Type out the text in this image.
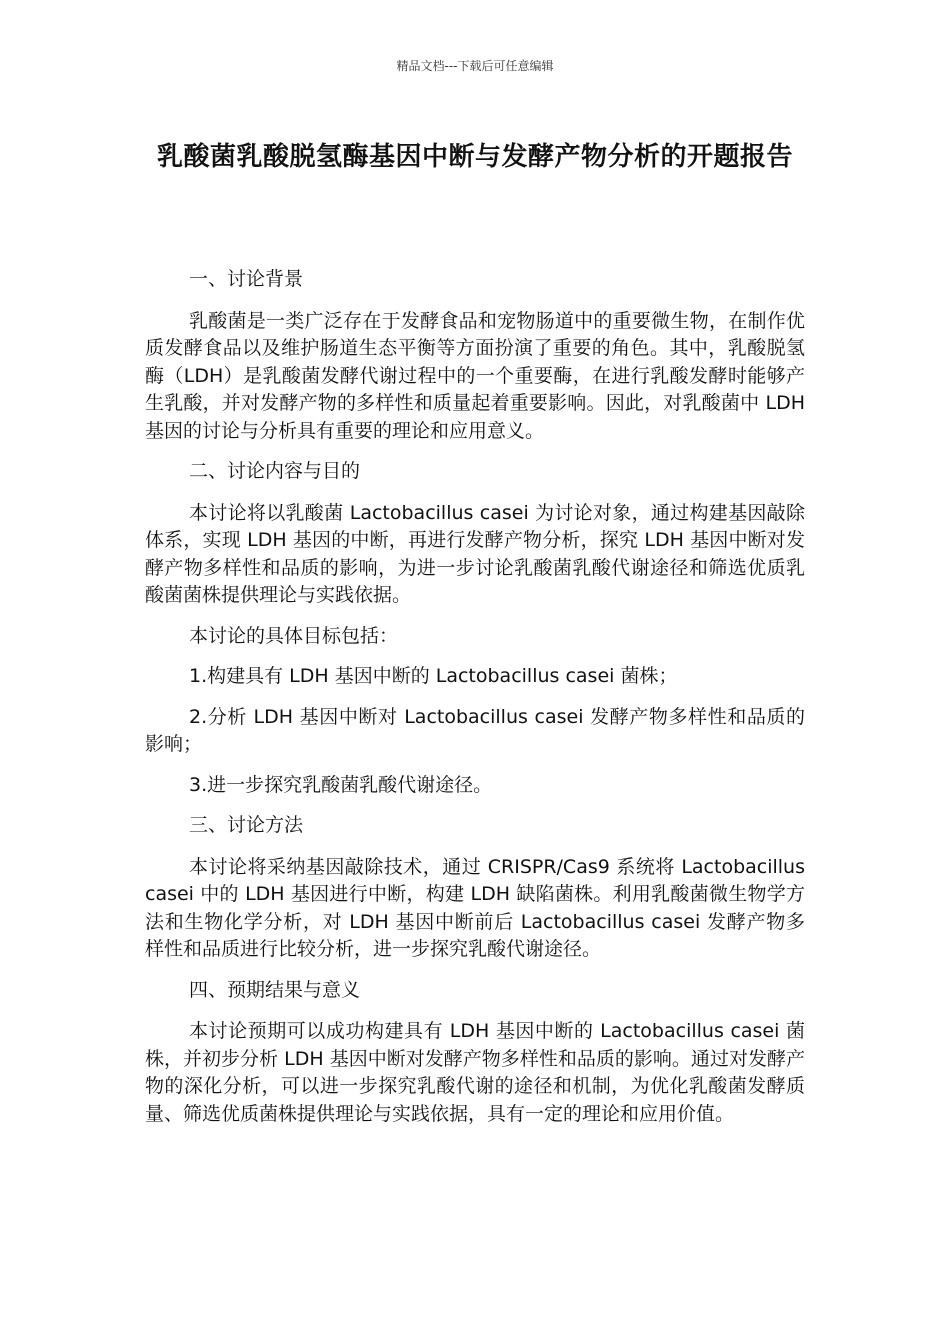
精品文档---下载后可任意编辑
乳酸菌乳酸脱氢酶基因中断与发酵产物分析的开题报告

一、讨论背景

乳酸菌是一类广泛存在于发酵食品和宠物肠道中的重要微生物，在制作优质发酵食品以及维护肠道生态平衡等方面扮演了重要的角色。其中，乳酸脱氢酶（LDH）是乳酸菌发酵代谢过程中的一个重要酶，在进行乳酸发酵时能够产生乳酸，并对发酵产物的多样性和质量起着重要影响。因此，对乳酸菌中 LDH 基因的讨论与分析具有重要的理论和应用意义。

二、讨论内容与目的

本讨论将以乳酸菌 Lactobacillus casei 为讨论对象，通过构建基因敲除体系，实现 LDH 基因的中断，再进行发酵产物分析，探究 LDH 基因中断对发酵产物多样性和品质的影响，为进一步讨论乳酸菌乳酸代谢途径和筛选优质乳酸菌菌株提供理论与实践依据。

本讨论的具体目标包括：

1.构建具有 LDH 基因中断的 Lactobacillus casei 菌株；

2.分析 LDH 基因中断对 Lactobacillus casei 发酵产物多样性和品质的影响；

3.进一步探究乳酸菌乳酸代谢途径。

三、讨论方法

本讨论将采纳基因敲除技术，通过 CRISPR/Cas9 系统将 Lactobacillus casei 中的 LDH 基因进行中断，构建 LDH 缺陷菌株。利用乳酸菌微生物学方法和生物化学分析，对 LDH 基因中断前后 Lactobacillus casei 发酵产物多样性和品质进行比较分析，进一步探究乳酸代谢途径。

四、预期结果与意义

本讨论预期可以成功构建具有 LDH 基因中断的 Lactobacillus casei 菌株，并初步分析 LDH 基因中断对发酵产物多样性和品质的影响。通过对发酵产物的深化分析，可以进一步探究乳酸代谢的途径和机制，为优化乳酸菌发酵质量、筛选优质菌株提供理论与实践依据，具有一定的理论和应用价值。
